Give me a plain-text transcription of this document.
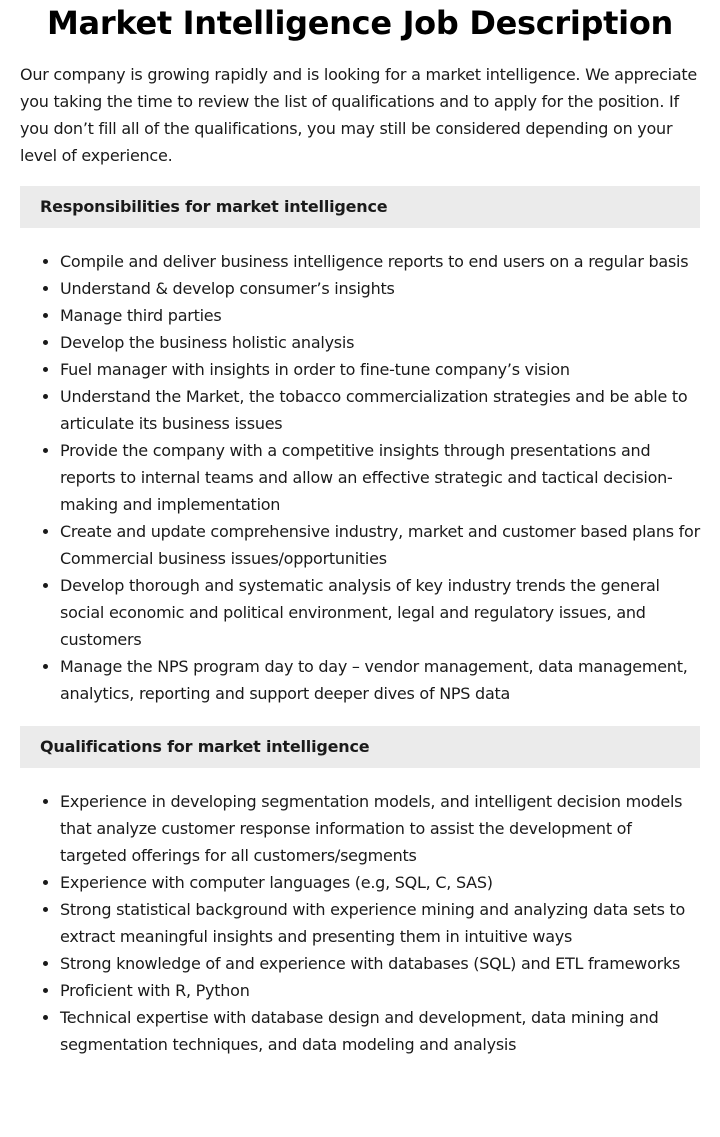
Market Intelligence Job Description

Our company is growing rapidly and is looking for a market intelligence. We appreciate you taking the time to review the list of qualifications and to apply for the position. If you don’t fill all of the qualifications, you may still be considered depending on your level of experience.

Responsibilities for market intelligence
• Compile and deliver business intelligence reports to end users on a regular basis
• Understand & develop consumer’s insights
• Manage third parties
• Develop the business holistic analysis
• Fuel manager with insights in order to fine-tune company’s vision
• Understand the Market, the tobacco commercialization strategies and be able to articulate its business issues
• Provide the company with a competitive insights through presentations and reports to internal teams and allow an effective strategic and tactical decision-making and implementation
• Create and update comprehensive industry, market and customer based plans for Commercial business issues/opportunities
• Develop thorough and systematic analysis of key industry trends the general social economic and political environment, legal and regulatory issues, and customers
• Manage the NPS program day to day – vendor management, data management, analytics, reporting and support deeper dives of NPS data
Qualifications for market intelligence
• Experience in developing segmentation models, and intelligent decision models that analyze customer response information to assist the development of targeted offerings for all customers/segments
• Experience with computer languages (e.g, SQL, C, SAS)
• Strong statistical background with experience mining and analyzing data sets to extract meaningful insights and presenting them in intuitive ways
• Strong knowledge of and experience with databases (SQL) and ETL frameworks
• Proficient with R, Python
• Technical expertise with database design and development, data mining and segmentation techniques, and data modeling and analysis
